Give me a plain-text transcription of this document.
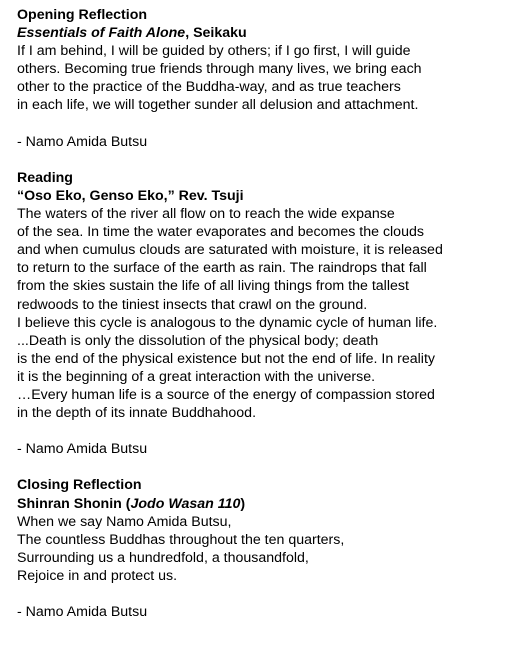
Opening Reflection
Essentials of Faith Alone, Seikaku
If I am behind, I will be guided by others; if I go first, I will guide
others. Becoming true friends through many lives, we bring each
other to the practice of the Buddha-way, and as true teachers
in each life, we will together sunder all delusion and attachment.
- Namo Amida Butsu
Reading
“Oso Eko, Genso Eko,” Rev. Tsuji
The waters of the river all flow on to reach the wide expanse
of the sea. In time the water evaporates and becomes the clouds
and when cumulus clouds are saturated with moisture, it is released
to return to the surface of the earth as rain. The raindrops that fall
from the skies sustain the life of all living things from the tallest
redwoods to the tiniest insects that crawl on the ground.
I believe this cycle is analogous to the dynamic cycle of human life.
...Death is only the dissolution of the physical body; death
is the end of the physical existence but not the end of life. In reality
it is the beginning of a great interaction with the universe.
…Every human life is a source of the energy of compassion stored
in the depth of its innate Buddhahood.
- Namo Amida Butsu
Closing Reflection
Shinran Shonin (Jodo Wasan 110)
When we say Namo Amida Butsu,
The countless Buddhas throughout the ten quarters,
Surrounding us a hundredfold, a thousandfold,
Rejoice in and protect us.
- Namo Amida Butsu
